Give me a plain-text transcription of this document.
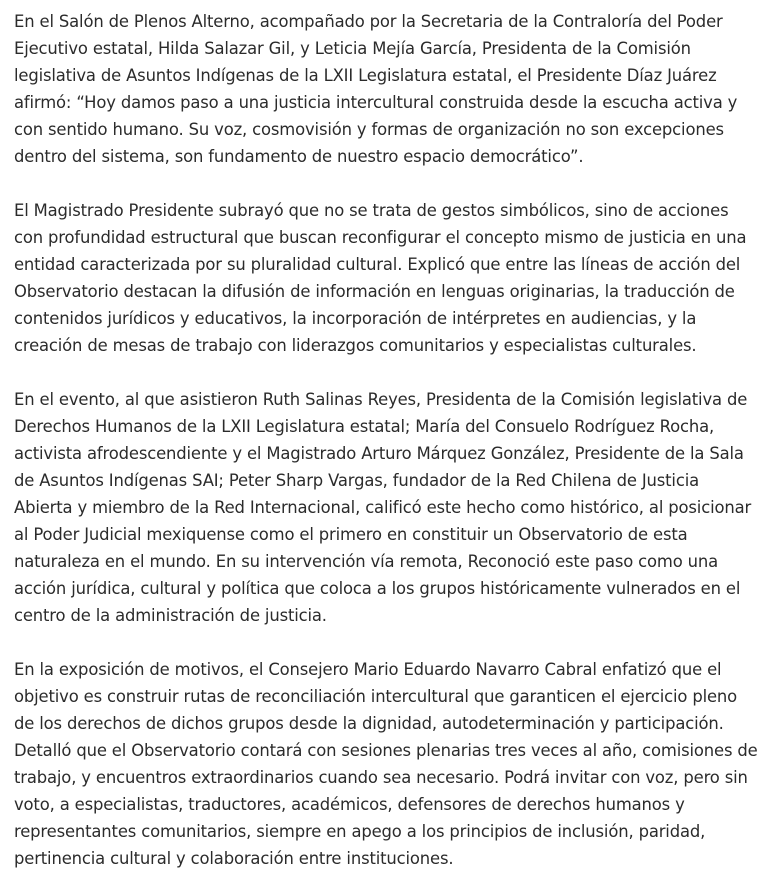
En el Salón de Plenos Alterno, acompañado por la Secretaria de la Contraloría del Poder Ejecutivo estatal, Hilda Salazar Gil, y Leticia Mejía García, Presidenta de la Comisión legislativa de Asuntos Indígenas de la LXII Legislatura estatal, el Presidente Díaz Juárez afirmó: “Hoy damos paso a una justicia intercultural construida desde la escucha activa y con sentido humano. Su voz, cosmovisión y formas de organización no son excepciones dentro del sistema, son fundamento de nuestro espacio democrático”.

El Magistrado Presidente subrayó que no se trata de gestos simbólicos, sino de acciones con profundidad estructural que buscan reconfigurar el concepto mismo de justicia en una entidad caracterizada por su pluralidad cultural. Explicó que entre las líneas de acción del Observatorio destacan la difusión de información en lenguas originarias, la traducción de contenidos jurídicos y educativos, la incorporación de intérpretes en audiencias, y la creación de mesas de trabajo con liderazgos comunitarios y especialistas culturales.

En el evento, al que asistieron Ruth Salinas Reyes, Presidenta de la Comisión legislativa de Derechos Humanos de la LXII Legislatura estatal; María del Consuelo Rodríguez Rocha, activista afrodescendiente y el Magistrado Arturo Márquez González, Presidente de la Sala de Asuntos Indígenas SAI; Peter Sharp Vargas, fundador de la Red Chilena de Justicia Abierta y miembro de la Red Internacional, calificó este hecho como histórico, al posicionar al Poder Judicial mexiquense como el primero en constituir un Observatorio de esta naturaleza en el mundo. En su intervención vía remota, Reconoció este paso como una acción jurídica, cultural y política que coloca a los grupos históricamente vulnerados en el centro de la administración de justicia.

En la exposición de motivos, el Consejero Mario Eduardo Navarro Cabral enfatizó que el objetivo es construir rutas de reconciliación intercultural que garanticen el ejercicio pleno de los derechos de dichos grupos desde la dignidad, autodeterminación y participación. Detalló que el Observatorio contará con sesiones plenarias tres veces al año, comisiones de trabajo, y encuentros extraordinarios cuando sea necesario. Podrá invitar con voz, pero sin voto, a especialistas, traductores, académicos, defensores de derechos humanos y representantes comunitarios, siempre en apego a los principios de inclusión, paridad, pertinencia cultural y colaboración entre instituciones.
